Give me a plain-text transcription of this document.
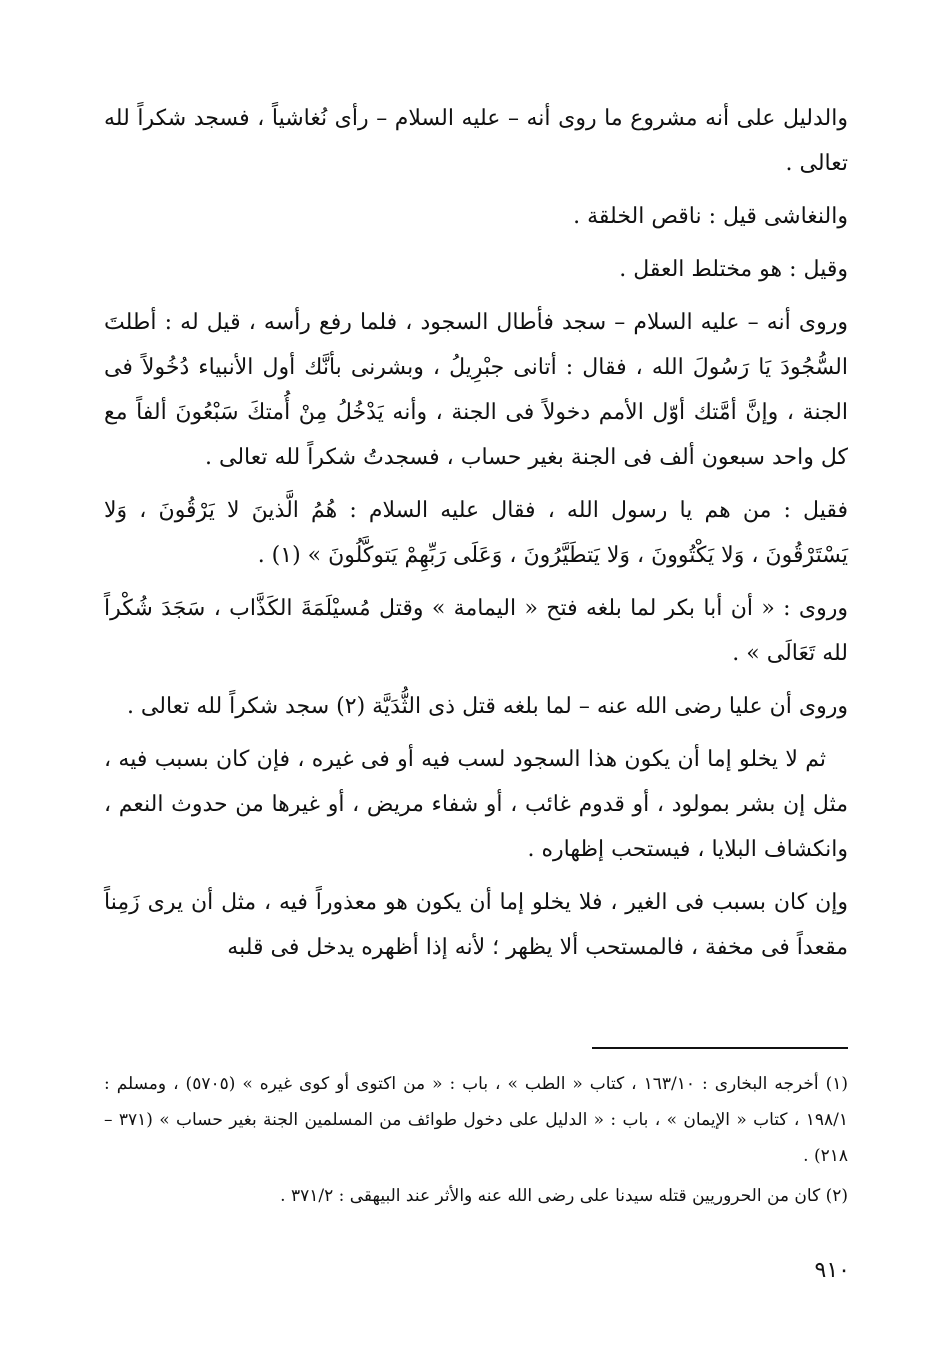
والدليل على أنه مشروع ما روى أنه – عليه السلام – رأى نُغاشياً ، فسجد شكراً لله تعالى .

والنغاشى قيل : ناقص الخلقة .

وقيل : هو مختلط العقل .

وروى أنه – عليه السلام – سجد فأطال السجود ، فلما رفع رأسه ، قيل له : أطلتَ السُّجُودَ يَا رَسُولَ الله ، فقال : أتانى جبْرِيلُ ، وبشرنى بأنَّك أول الأنبياء دُخُولاً فى الجنة ، وإنَّ أمَّتك أوّل الأمم دخولاً فى الجنة ، وأنه يَدْخُلُ مِنْ أُمتكَ سَبْعُونَ ألفاً مع كل واحد سبعون ألف فى الجنة بغير حساب ، فسجدتُ شكراً لله تعالى .

فقيل : من هم يا رسول الله ، فقال عليه السلام : هُمُ الَّذينَ لا يَرْقُونَ ، وَلا يَسْتَرْقُونَ ، وَلا يَكْتُوونَ ، وَلا يَتطَيَّرُونَ ، وَعَلَى رَبِّهِمْ يَتوكَّلُونَ » (١) .

وروى : « أن أبا بكر لما بلغه فتح « اليمامة » وقتل مُسيْلَمَةَ الكَذَّاب ، سَجَدَ شُكْراً لله تَعَالَى » .

وروى أن عليا رضى الله عنه – لما بلغه قتل ذى الثُّدَيَّة (٢) سجد شكراً لله تعالى .

ثم لا يخلو إما أن يكون هذا السجود لسب فيه أو فى غيره ، فإن كان بسبب فيه ، مثل إن بشر بمولود ، أو قدوم غائب ، أو شفاء مريض ، أو غيرها من حدوث النعم ، وانكشاف البلايا ، فيستحب إظهاره .

وإن كان بسبب فى الغير ، فلا يخلو إما أن يكون هو معذوراً فيه ، مثل أن يرى زَمِناً مقعداً فى مخفة ، فالمستحب ألا يظهر ؛ لأنه إذا أظهره يدخل فى قلبه

(١) أخرجه البخارى : ١٦٣/١٠ ، كتاب « الطب » ، باب : « من اكتوى أو كوى غيره » (٥٧٠٥) ، ومسلم : ١٩٨/١ ، كتاب « الإيمان » ، باب : « الدليل على دخول طوائف من المسلمين الجنة بغير حساب » (٣٧١ – ٢١٨) .

(٢) كان من الحروريين قتله سيدنا على رضى الله عنه والأثر عند البيهقى : ٣٧١/٢ .

٩١٠
